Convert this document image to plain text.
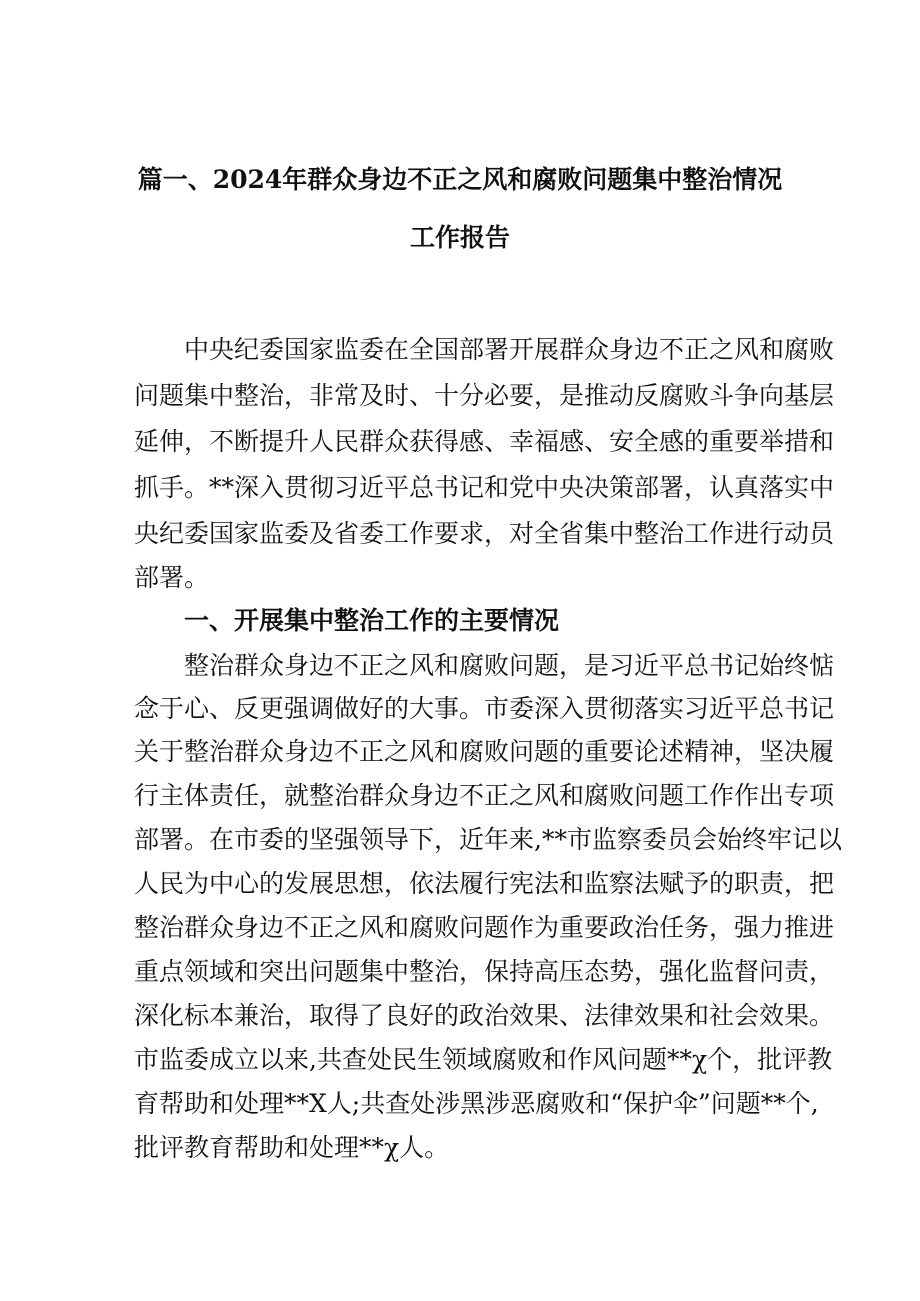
篇一、2024年群众身边不正之风和腐败问题集中整治情况
工作报告
中央纪委国家监委在全国部署开展群众身边不正之风和腐败
问题集中整治，非常及时、十分必要，是推动反腐败斗争向基层
延伸，不断提升人民群众获得感、幸福感、安全感的重要举措和
抓手。**深入贯彻习近平总书记和党中央决策部署，认真落实中
央纪委国家监委及省委工作要求，对全省集中整治工作进行动员
部署。
一、开展集中整治工作的主要情况
整治群众身边不正之风和腐败问题，是习近平总书记始终惦
念于心、反更强调做好的大事。市委深入贯彻落实习近平总书记
关于整治群众身边不正之风和腐败问题的重要论述精神，坚决履
行主体责任，就整治群众身边不正之风和腐败问题工作作出专项
部署。在市委的坚强领导下，近年来,**市监察委员会始终牢记以
人民为中心的发展思想，依法履行宪法和监察法赋予的职责，把
整治群众身边不正之风和腐败问题作为重要政治任务，强力推进
重点领域和突出问题集中整治，保持高压态势，强化监督问责，
深化标本兼治，取得了良好的政治效果、法律效果和社会效果。
市监委成立以来,共查处民生领域腐败和作风问题**χ个，批评教
育帮助和处理**Χ人;共查处涉黑涉恶腐败和“保护伞”问题**个,
批评教育帮助和处理**χ人。
